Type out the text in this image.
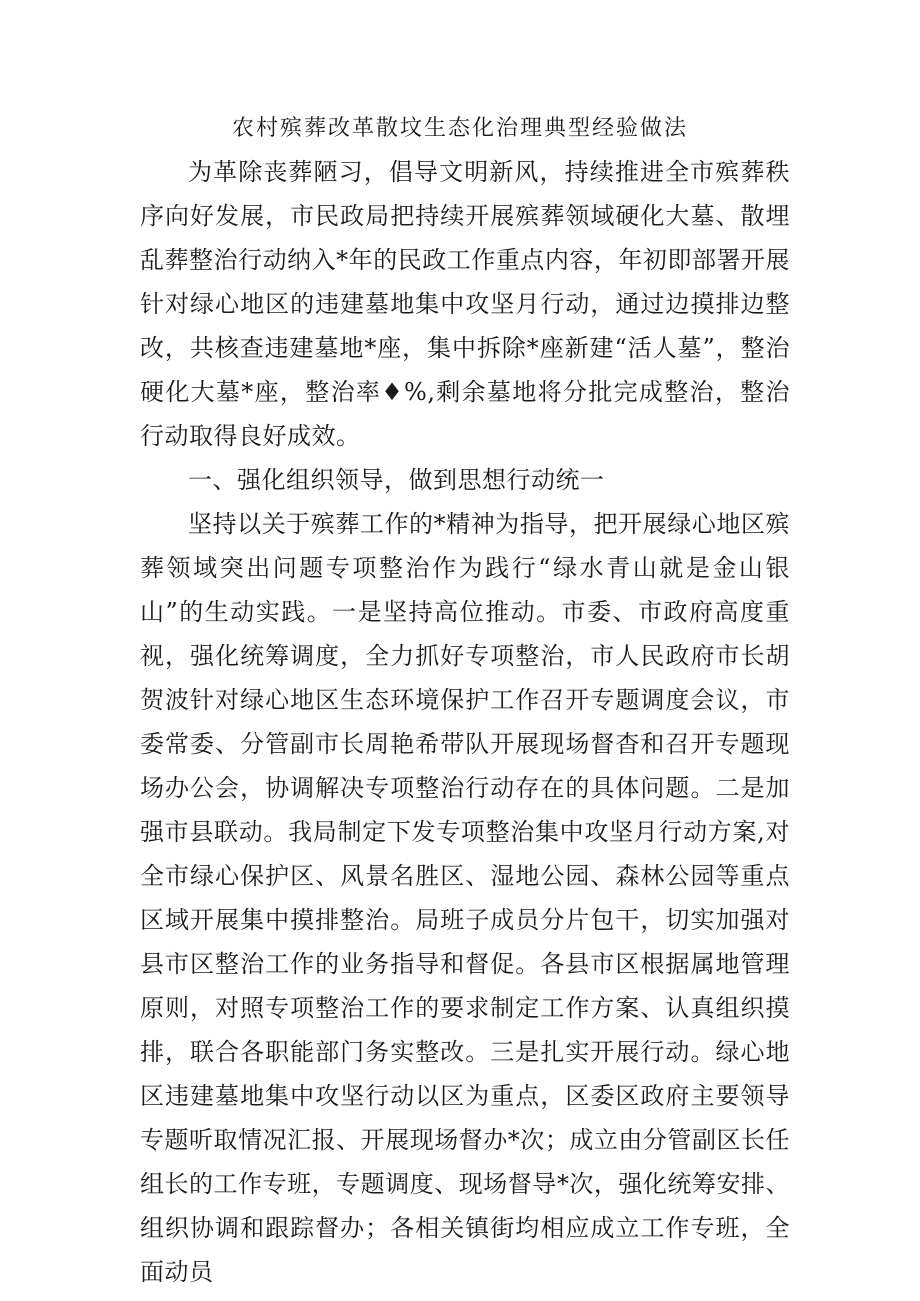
农村殡葬改革散坟生态化治理典型经验做法

为革除丧葬陋习，倡导文明新风，持续推进全市殡葬秩序向好发展，市民政局把持续开展殡葬领域硬化大墓、散埋乱葬整治行动纳入*年的民政工作重点内容，年初即部署开展针对绿心地区的违建墓地集中攻坚月行动，通过边摸排边整改，共核查违建墓地*座，集中拆除*座新建“活人墓”，整治硬化大墓*座，整治率♦%,剩余墓地将分批完成整治，整治行动取得良好成效。

一、强化组织领导，做到思想行动统一

坚持以关于殡葬工作的*精神为指导，把开展绿心地区殡葬领域突出问题专项整治作为践行“绿水青山就是金山银山”的生动实践。一是坚持高位推动。市委、市政府高度重视，强化统筹调度，全力抓好专项整治，市人民政府市长胡贺波针对绿心地区生态环境保护工作召开专题调度会议，市委常委、分管副市长周艳希带队开展现场督杳和召开专题现场办公会，协调解决专项整治行动存在的具体问题。二是加强市县联动。我局制定下发专项整治集中攻坚月行动方案,对全市绿心保护区、风景名胜区、湿地公园、森林公园等重点区域开展集中摸排整治。局班子成员分片包干，切实加强对县市区整治工作的业务指导和督促。各县市区根据属地管理原则，对照专项整治工作的要求制定工作方案、认真组织摸排，联合各职能部门务实整改。三是扎实开展行动。绿心地区违建墓地集中攻坚行动以区为重点，区委区政府主要领导专题听取情况汇报、开展现场督办*次；成立由分管副区长任组长的工作专班，专题调度、现场督导*次，强化统筹安排、组织协调和跟踪督办；各相关镇街均相应成立工作专班，全面动员
